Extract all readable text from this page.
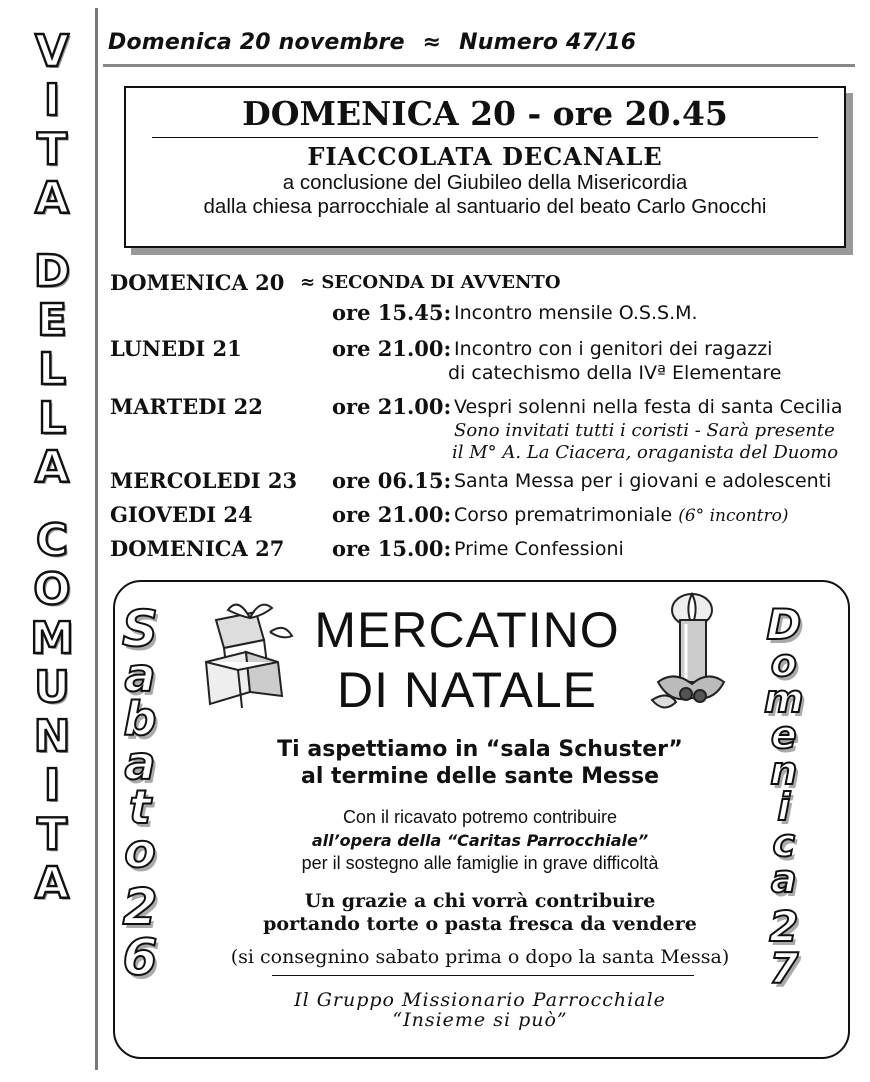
V
I
T
A
D
E
L
L
A
C
O
M
U
N
I
T
A
Domenica 20 novembre ≈ Numero 47/16
DOMENICA 20 - ore 20.45
FIACCOLATA DECANALE
a conclusione del Giubileo della Misericordia
dalla chiesa parrocchiale al santuario del beato Carlo Gnocchi
DOMENICA 20 ≈ SECONDA DI AVVENTO
ore 15.45: Incontro mensile O.S.S.M.
LUNEDI 21	ore 21.00: Incontro con i genitori dei ragazzi
di catechismo della IVª Elementare
MARTEDI 22	ore 21.00: Vespri solenni nella festa di santa Cecilia
Sono invitati tutti i coristi - Sarà presente
il M° A. La Ciacera, oraganista del Duomo
MERCOLEDI 23 ore 06.15: Santa Messa per i giovani e adolescenti
GIOVEDI 24	ore 21.00: Corso prematrimoniale (6° incontro)
DOMENICA 27 ore 15.00: Prime Confessioni
MERCATINO
DI NATALE
S
a
b
a
t
o
2
6
D
o
m
e
n
i
c
a
2
7
Ti aspettiamo in “sala Schuster”
al termine delle sante Messe
Con il ricavato potremo contribuire
all’opera della “Caritas Parrocchiale”
per il sostegno alle famiglie in grave difficoltà
Un grazie a chi vorrà contribuire
portando torte o pasta fresca da vendere
(si consegnino sabato prima o dopo la santa Messa)
Il Gruppo Missionario Parrocchiale
“Insieme si può”
